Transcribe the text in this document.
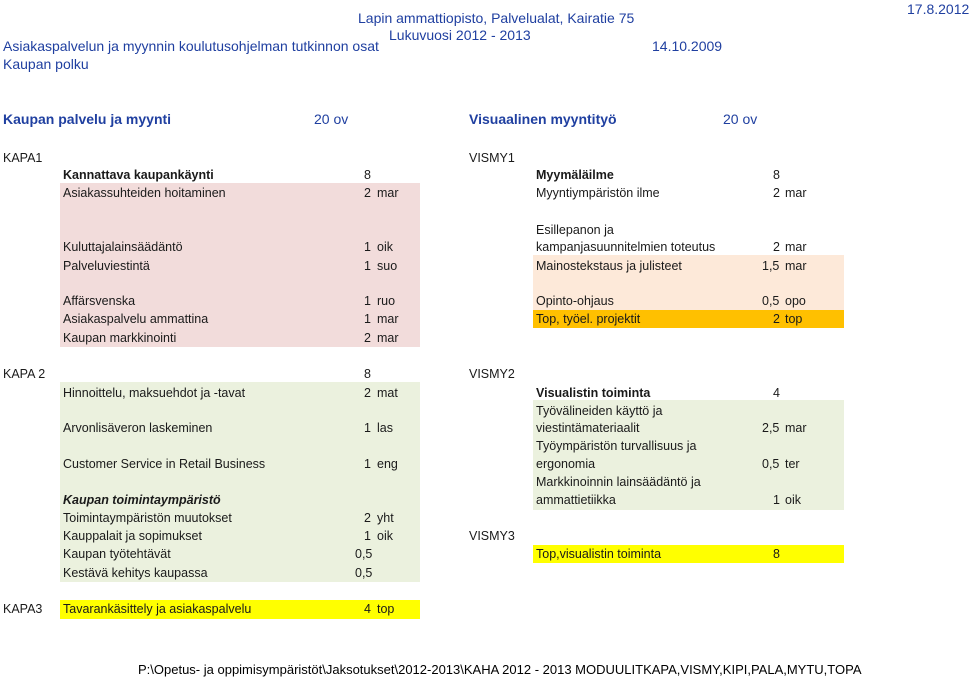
Lapin ammattiopisto, Palvelualat, Kairatie 75
Lukuvuosi 2012 - 2013
17.8.2012
Asiakaspalvelun ja myynnin koulutusohjelman tutkinnon osat	14.10.2009
Kaupan polku
Kaupan palvelu ja myynti	20 ov	Visuaalinen myyntityö	20 ov
KAPA1	VISMY1
Kannattava kaupankäynti	8
Asiakassuhteiden hoitaminen	2 mar
Kuluttajalainsäädäntö	1 oik
Palveluviestintä	1 suo
Affärsvenska	1 ruo
Asiakaspalvelu ammattina	1 mar
Kaupan markkinointi	2 mar
Myymäläilme	8
Myyntiympäristön ilme	2 mar
Esillepanon ja
kampanjasuunnitelmien toteutus	2 mar
Mainostekstaus ja julisteet	1,5 mar
Opinto-ohjaus	0,5 opo
Top, työel. projektit	2 top
KAPA 2	8	VISMY2
Hinnoittelu, maksuehdot ja -tavat	2 mat
Arvonlisäveron laskeminen	1 las
Customer Service in Retail Business	1 eng
Kaupan toimintaympäristö
Toimintaympäristön muutokset	2 yht
Kauppalait ja sopimukset	1 oik
Kaupan työtehtävät	0,5
Kestävä kehitys kaupassa	0,5
Visualistin toiminta	4
Työvälineiden käyttö ja
viestintämateriaalit	2,5 mar
Työympäristön turvallisuus ja
ergonomia	0,5 ter
Markkinoinnin lainsäädäntö ja
ammattietiikka	1 oik
VISMY3
Top,visualistin toiminta	8
KAPA3 Tavarankäsittely ja asiakaspalvelu	4 top
P:\Opetus- ja oppimisympäristöt\Jaksotukset\2012-2013\KAHA 2012 - 2013 MODUULITKAPA,VISMY,KIPI,PALA,MYTU,TOPA
